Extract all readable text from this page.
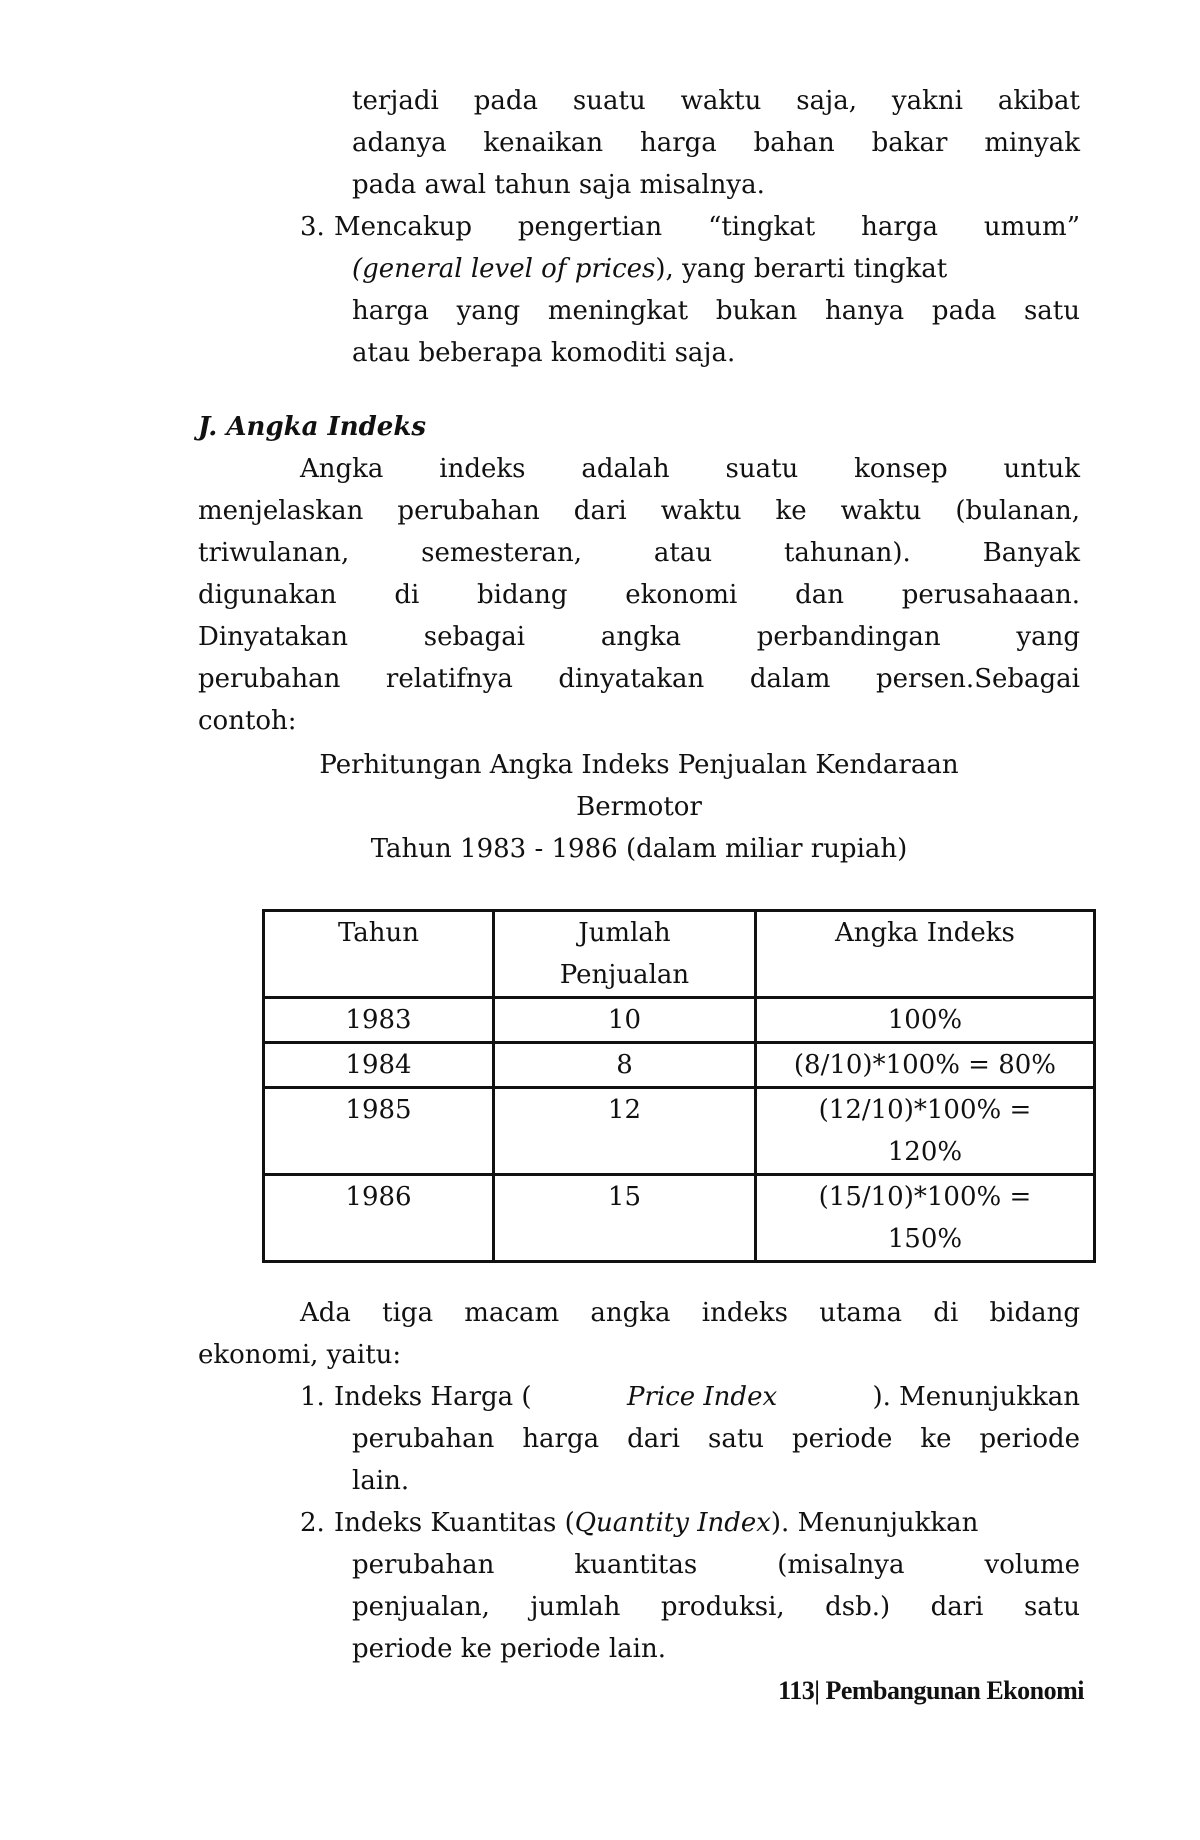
terjadi pada suatu waktu saja, yakni akibat
adanya kenaikan harga bahan bakar minyak
pada awal tahun saja misalnya.
3. Mencakup pengertian “tingkat harga umum”
(general level of prices), yang berarti tingkat
harga yang meningkat bukan hanya pada satu
atau beberapa komoditi saja.
J. Angka Indeks
Angka indeks adalah suatu konsep untuk
menjelaskan perubahan dari waktu ke waktu (bulanan,
triwulanan, semesteran, atau tahunan). Banyak
digunakan di bidang ekonomi dan perusahaaan.
Dinyatakan sebagai angka perbandingan yang
perubahan relatifnya dinyatakan dalam persen.Sebagai
contoh:
Perhitungan Angka Indeks Penjualan Kendaraan
Bermotor
Tahun 1983 - 1986 (dalam miliar rupiah)
Tahun	Jumlah Penjualan	Angka Indeks
1983	10	100%
1984	8	(8/10)*100% = 80%
1985	12	(12/10)*100% = 120%
1986	15	(15/10)*100% = 150%
Ada tiga macam angka indeks utama di bidang
ekonomi, yaitu:
1. Indeks Harga (	Price Index	). Menunjukkan
perubahan harga dari satu periode ke periode
lain.
2. Indeks Kuantitas (Quantity Index). Menunjukkan
perubahan kuantitas (misalnya volume
penjualan, jumlah produksi, dsb.) dari satu
periode ke periode lain.
113| Pembangunan Ekonomi
